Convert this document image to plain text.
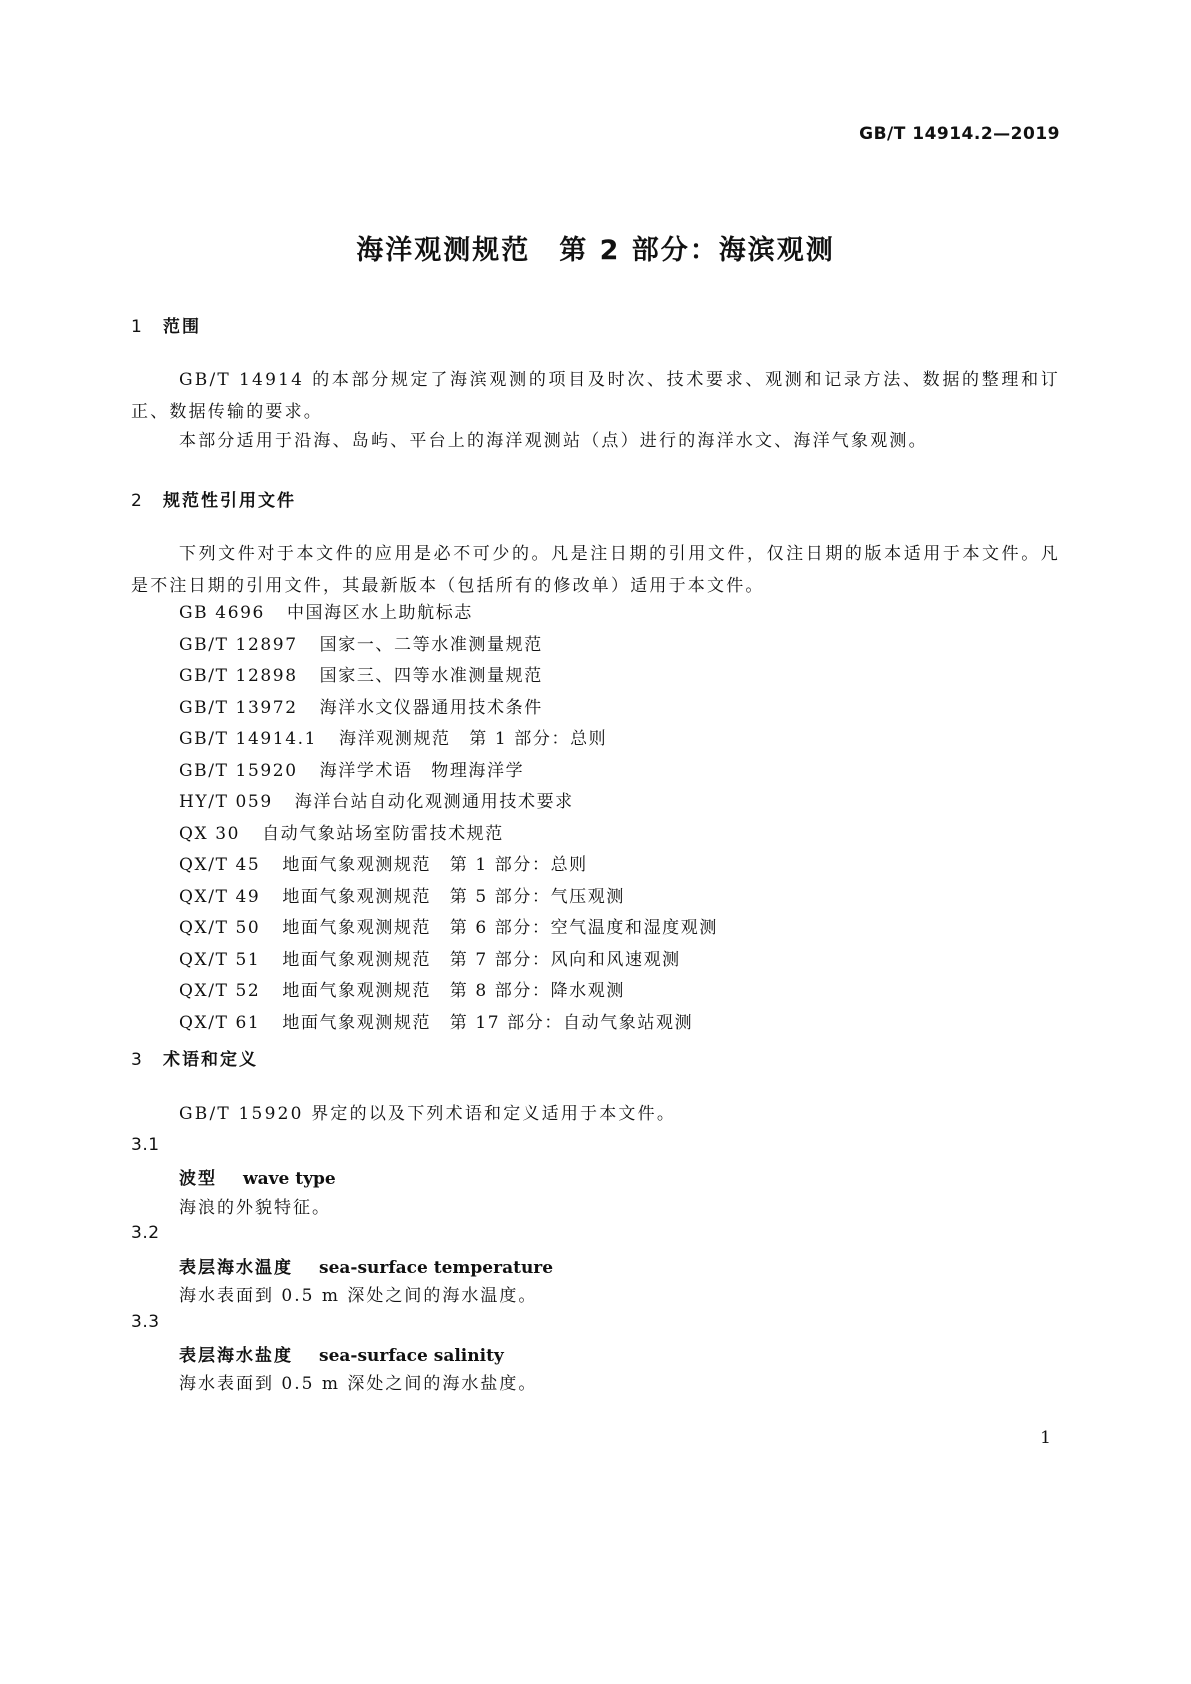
GB/T 14914.2—2019
海洋观测规范　第 2 部分：海滨观测
1 范围
GB/T 14914 的本部分规定了海滨观测的项目及时次、技术要求、观测和记录方法、数据的整理和订正、数据传输的要求。
本部分适用于沿海、岛屿、平台上的海洋观测站（点）进行的海洋水文、海洋气象观测。
2 规范性引用文件
下列文件对于本文件的应用是必不可少的。凡是注日期的引用文件，仅注日期的版本适用于本文件。凡是不注日期的引用文件，其最新版本（包括所有的修改单）适用于本文件。
GB 4696 中国海区水上助航标志
GB/T 12897 国家一、二等水准测量规范
GB/T 12898 国家三、四等水准测量规范
GB/T 13972 海洋水文仪器通用技术条件
GB/T 14914.1 海洋观测规范　第 1 部分：总则
GB/T 15920 海洋学术语　物理海洋学
HY/T 059 海洋台站自动化观测通用技术要求
QX 30 自动气象站场室防雷技术规范
QX/T 45 地面气象观测规范　第 1 部分：总则
QX/T 49 地面气象观测规范　第 5 部分：气压观测
QX/T 50 地面气象观测规范　第 6 部分：空气温度和湿度观测
QX/T 51 地面气象观测规范　第 7 部分：风向和风速观测
QX/T 52 地面气象观测规范　第 8 部分：降水观测
QX/T 61 地面气象观测规范　第 17 部分：自动气象站观测
3 术语和定义
GB/T 15920 界定的以及下列术语和定义适用于本文件。
3.1
波型 wave type
海浪的外貌特征。
3.2
表层海水温度 sea-surface temperature
海水表面到 0.5 m 深处之间的海水温度。
3.3
表层海水盐度 sea-surface salinity
海水表面到 0.5 m 深处之间的海水盐度。
1
